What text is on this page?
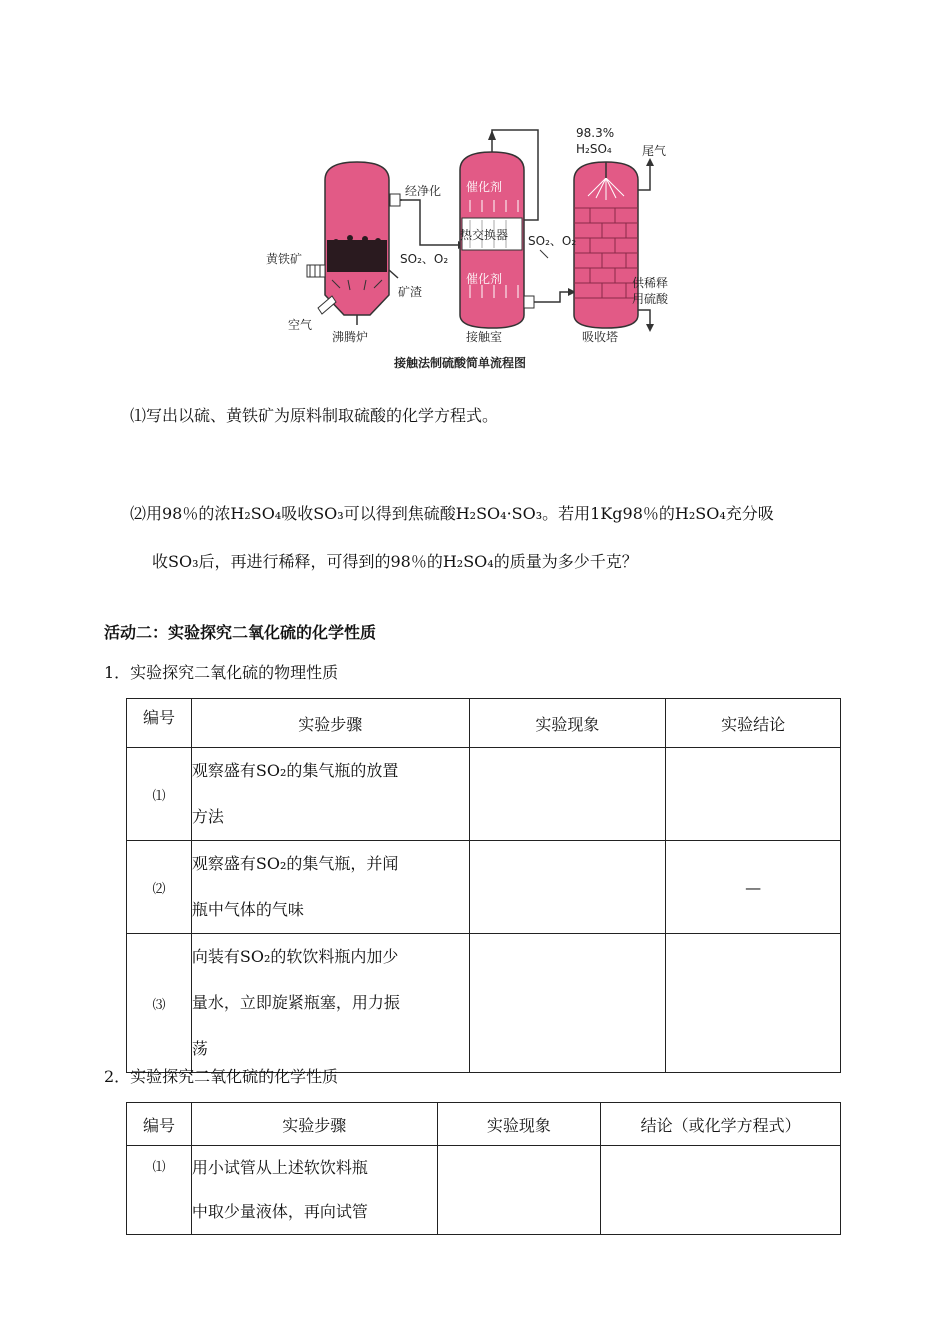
经净化
黄铁矿
空气
沸腾炉
SO₂、O₂
矿渣
催化剂
热交换器
催化剂
接触室
SO₂、O₂
98.3%
H₂SO₄	尾气
供稀释
用硫酸
吸收塔
接触法制硫酸简单流程图
⑴写出以硫、黄铁矿为原料制取硫酸的化学方程式。
⑵用98％的浓H₂SO₄吸收SO₃可以得到焦硫酸H₂SO₄·SO₃。若用1Kg98％的H₂SO₄充分吸
收SO₃后，再进行稀释，可得到的98％的H₂SO₄的质量为多少千克？
活动二：实验探究二氧化硫的化学性质
1．实验探究二氧化硫的物理性质
编号	实验步骤	实验现象	实验结论
⑴	观察盛有SO₂的集气瓶的放置
方法		

⑵	观察盛有SO₂的集气瓶，并闻
瓶中气体的气味		—
⑶	向装有SO₂的软饮料瓶内加少
量水，立即旋紧瓶塞，用力振
荡		

2．实验探究二氧化硫的化学性质
编号	实验步骤	实验现象	结论（或化学方程式）
⑴	用小试管从上述软饮料瓶
中取少量液体，再向试管		
